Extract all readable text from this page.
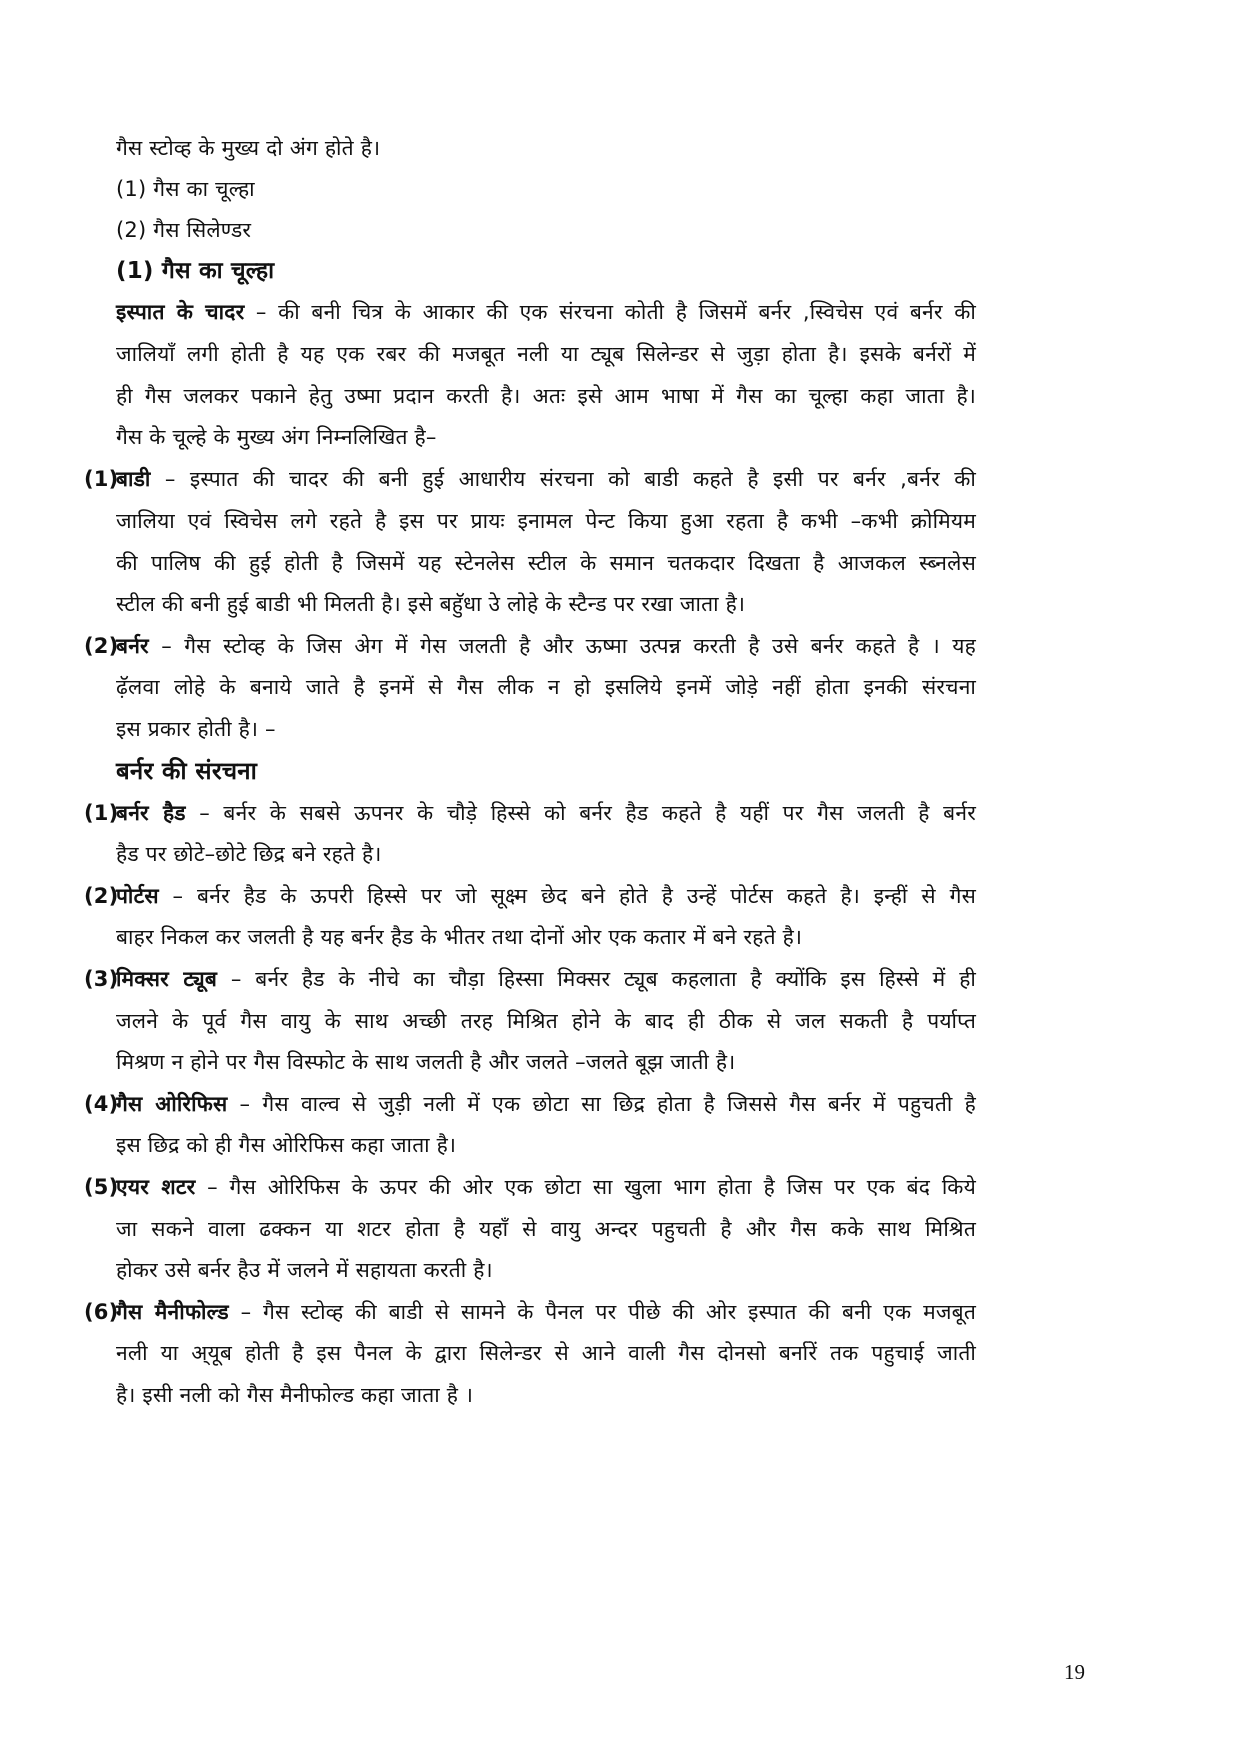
गैस स्टोव्ह के मुख्य दो अंग होते है।
(1) गैस का चूल्हा
(2) गैस सिलेण्डर
(1) गैस का चूल्हा
इस्पात के चादर – की बनी चित्र के आकार की एक संरचना कोती है जिसमें बर्नर ,स्विचेस एवं बर्नर की
जालियॉं लगी होती है यह एक रबर की मजबूत नली या ट्यूब सिलेन्डर से जुड़ा होता है। इसके बर्नरों में
ही गैस जलकर पकाने हेतु उष्मा प्रदान करती है। अतः इसे आम भाषा में गैस का चूल्हा कहा जाता है।
गैस के चूल्हे के मुख्य अंग निम्नलिखित है–
(1)
बाडी – इस्पात की चादर की बनी हुई आधारीय संरचना को बाडी कहते है इसी पर बर्नर ,बर्नर की
जालिया एवं स्विचेस लगे रहते है इस पर प्रायः इनामल पेन्ट किया हुआ रहता है कभी –कभी क्रोमियम
की पालिष की हुई होती है जिसमें यह स्टेनलेस स्टील के समान चतकदार दिखता है आजकल स्ब्नलेस
स्टील की बनी हुई बाडी भी मिलती है। इसे बहुॅधा उे लोहे के स्टैन्ड पर रखा जाता है।
(2)
बर्नर – गैस स्टोव्ह के जिस अेग में गेस जलती है और ऊष्मा उत्पन्न करती है उसे बर्नर कहते है । यह
ढ़ॅलवा लोहे के बनाये जाते है इनमें से गैस लीक न हो इसलिये इनमें जोड़े नहीं होता इनकी संरचना
इस प्रकार होती है। –
बर्नर की संरचना
(1)
बर्नर हैड – बर्नर के सबसे ऊपनर के चौड़े हिस्से को बर्नर हैड कहते है यहीं पर गैस जलती है बर्नर
हैड पर छोटे–छोटे छिद्र बने रहते है।
(2)
पोर्टस – बर्नर हैड के ऊपरी हिस्से पर जो सूक्ष्म छेद बने होते है उन्हें पोर्टस कहते है। इन्हीं से गैस
बाहर निकल कर जलती है यह बर्नर हैड के भीतर तथा दोनों ओर एक कतार में बने रहते है।
(3)
मिक्सर ट्यूब – बर्नर हैड के नीचे का चौड़ा हिस्सा मिक्सर ट्यूब कहलाता है क्योंकि इस हिस्से में ही
जलने के पूर्व गैस वायु के साथ अच्छी तरह मिश्रित होने के बाद ही ठीक से जल सकती है पर्याप्त
मिश्रण न होने पर गैस विस्फोट के साथ जलती है और जलते –जलते बूझ जाती है।
(4)
गैस ओरिफिस – गैस वाल्व से जुड़ी नली में एक छोटा सा छिद्र होता है जिससे गैस बर्नर में पहुचती है
इस छिद्र को ही गैस ओरिफिस कहा जाता है।
(5)
एयर शटर – गैस ओरिफिस के ऊपर की ओर एक छोटा सा खुला भाग होता है जिस पर एक बंद किये
जा सकने वाला ढक्कन या शटर होता है यहॉं से वायु अन्दर पहुचती है और गैस कके साथ मिश्रित
होकर उसे बर्नर हैउ में जलने में सहायता करती है।
(6)
गैस मैनीफोल्ड – गैस स्टोव्ह की बाडी से सामने के पैनल पर पीछे की ओर इस्पात की बनी एक मजबूत
नली या अ्यूब होती है इस पैनल के द्वारा सिलेन्डर से आने वाली गैस दोनसो बर्नारें तक पहुचाई जाती
है। इसी नली को गैस मैनीफोल्ड कहा जाता है ।
19
